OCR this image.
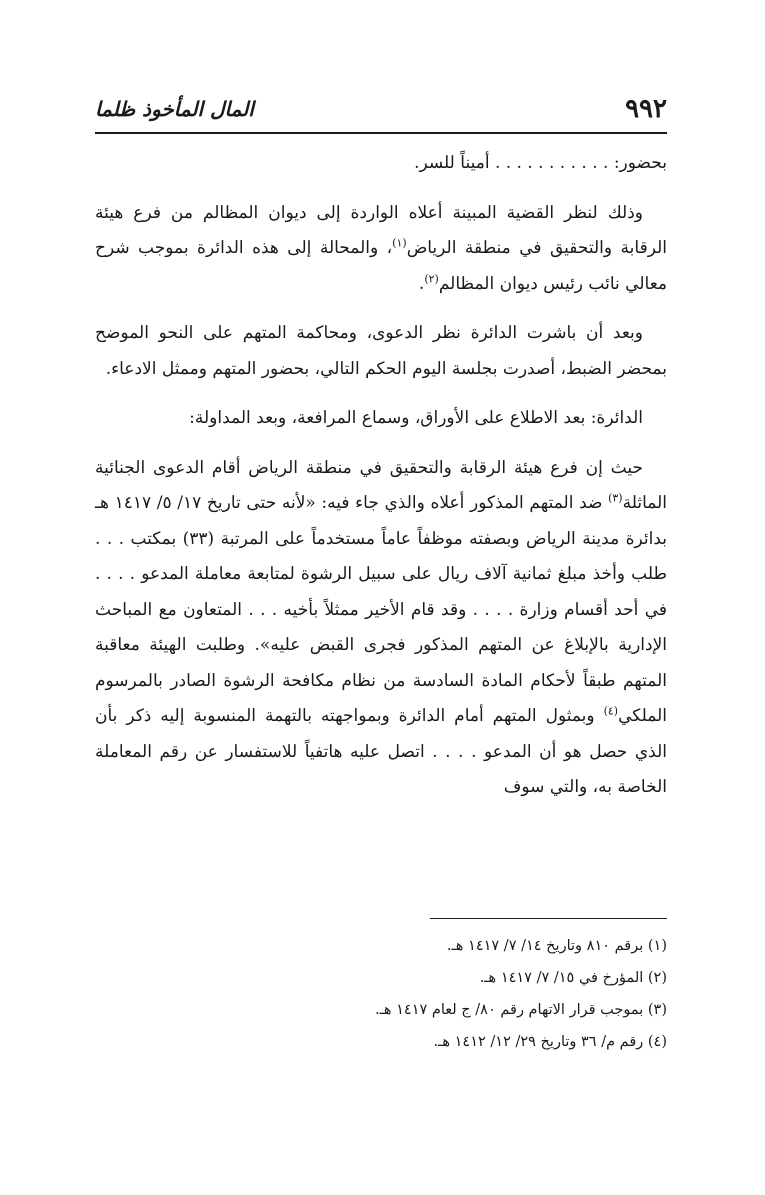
٩٩٢
المال المأخوذ ظلما

بحضور: . . . . . . . . . . . أميناً للسر.

وذلك لنظر القضية المبينة أعلاه الواردة إلى ديوان المظالم من فرع هيئة الرقابة والتحقيق في منطقة الرياض$^{(١)}$، والمحالة إلى هذه الدائرة بموجب شرح معالي نائب رئيس ديوان المظالم$^{(٢)}$.

وبعد أن باشرت الدائرة نظر الدعوى، ومحاكمة المتهم على النحو الموضح بمحضر الضبط، أصدرت بجلسة اليوم الحكم التالي، بحضور المتهم وممثل الادعاء.

الدائرة: بعد الاطلاع على الأوراق، وسماع المرافعة، وبعد المداولة:

حيث إن فرع هيئة الرقابة والتحقيق في منطقة الرياض أقام الدعوى الجنائية الماثلة$^{(٣)}$ ضد المتهم المذكور أعلاه والذي جاء فيه: «لأنه حتى تاريخ ١٧/ ٥/ ١٤١٧ هـ بدائرة مدينة الرياض وبصفته موظفاً عاماً مستخدماً على المرتبة (٣٣) بمكتب . . . طلب وأخذ مبلغ ثمانية آلاف ريال على سبيل الرشوة لمتابعة معاملة المدعو . . . . في أحد أقسام وزارة . . . . وقد قام الأخير ممثلاً بأخيه . . . المتعاون مع المباحث الإدارية بالإبلاغ عن المتهم المذكور فجرى القبض عليه». وطلبت الهيئة معاقبة المتهم طبقاً لأحكام المادة السادسة من نظام مكافحة الرشوة الصادر بالمرسوم الملكي$^{(٤)}$ وبمثول المتهم أمام الدائرة وبمواجهته بالتهمة المنسوبة إليه ذكر بأن الذي حصل هو أن المدعو . . . . اتصل عليه هاتفياً للاستفسار عن رقم المعاملة الخاصة به، والتي سوف

(١) برقم ٨١٠ وتاريخ ١٤/ ٧/ ١٤١٧ هـ.
(٢) المؤرخ في ١٥/ ٧/ ١٤١٧ هـ.
(٣) بموجب قرار الاتهام رقم ٨٠/ ج لعام ١٤١٧ هـ.
(٤) رقم م/ ٣٦ وتاريخ ٢٩/ ١٢/ ١٤١٢ هـ.
